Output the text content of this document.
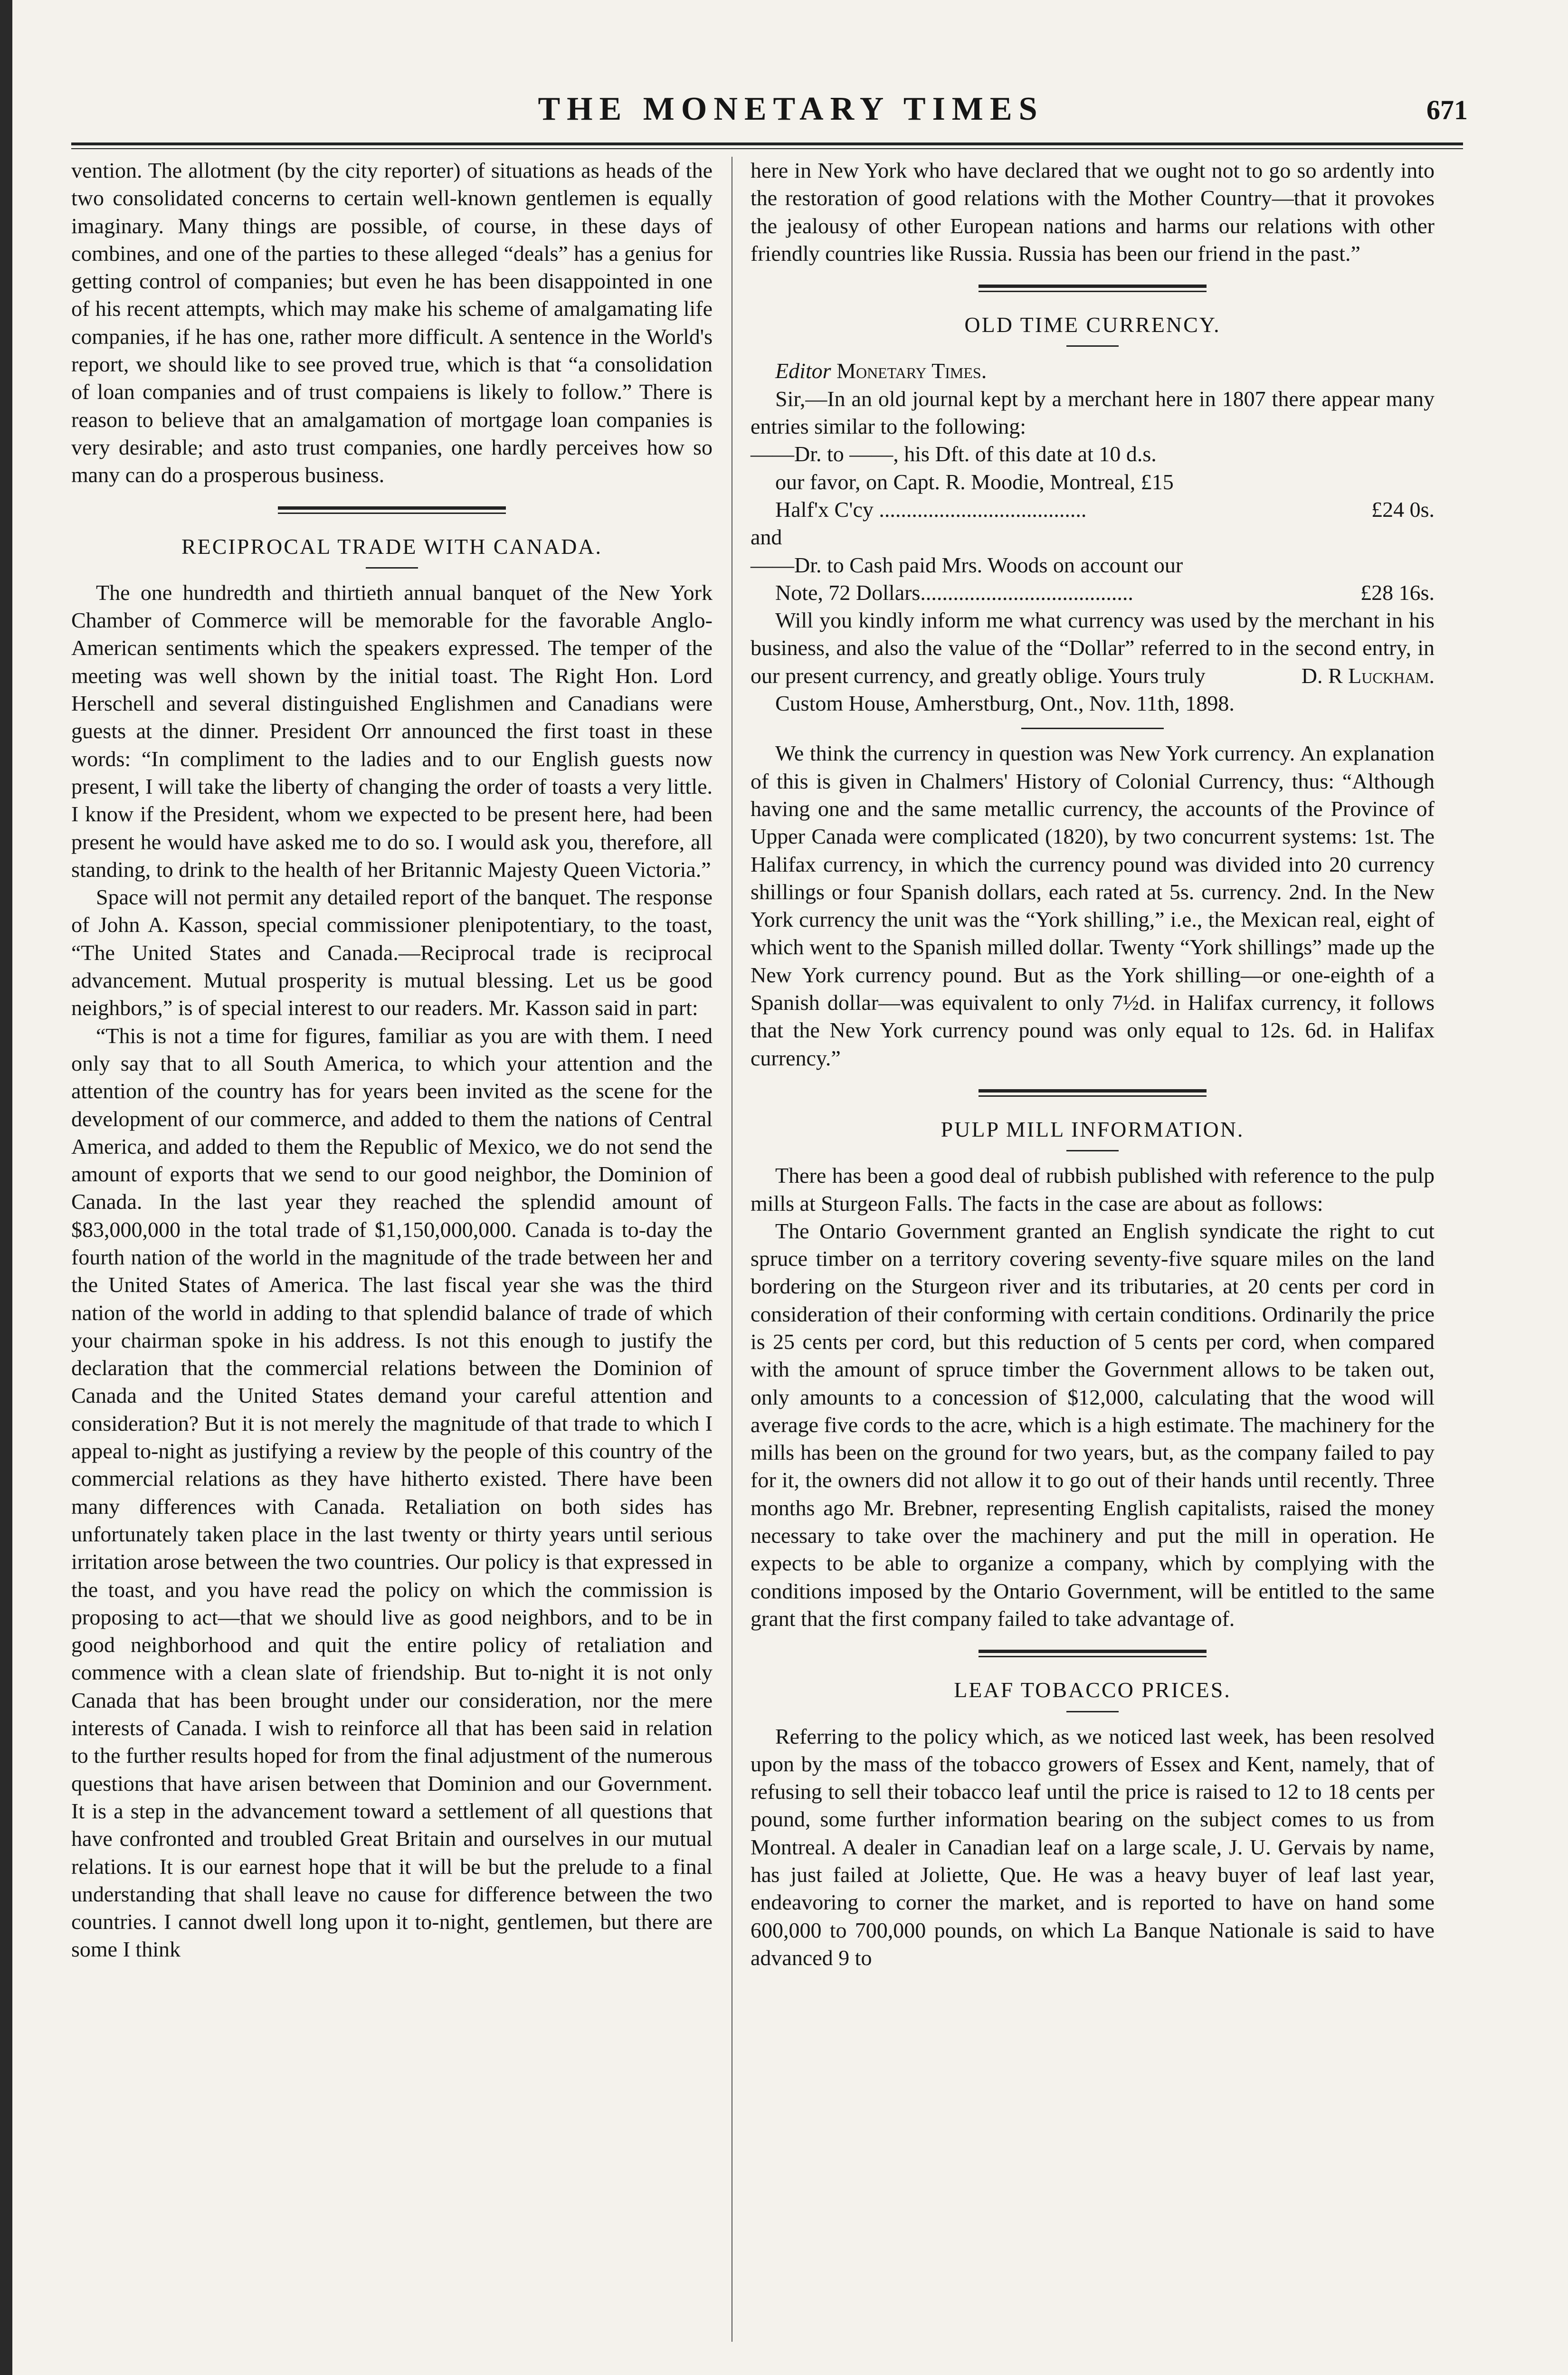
THE MONETARY TIMES	671

vention. The allotment (by the city reporter) of situations as heads of the two consolidated concerns to certain well-known gentlemen is equally imaginary. Many things are possible, of course, in these days of combines, and one of the parties to these alleged “deals” has a genius for getting control of companies; but even he has been disappointed in one of his recent attempts, which may make his scheme of amalgamating life companies, if he has one, rather more difficult. A sentence in the World's report, we should like to see proved true, which is that “a consolidation of loan companies and of trust compaiens is likely to follow.” There is reason to believe that an amalgamation of mortgage loan companies is very desirable; and asto trust companies, one hardly perceives how so many can do a prosperous business.

RECIPROCAL TRADE WITH CANADA.

The one hundredth and thirtieth annual banquet of the New York Chamber of Commerce will be memorable for the favorable Anglo-American sentiments which the speakers expressed. The temper of the meeting was well shown by the initial toast. The Right Hon. Lord Herschell and several distinguished Englishmen and Canadians were guests at the dinner. President Orr announced the first toast in these words: “In compliment to the ladies and to our English guests now present, I will take the liberty of changing the order of toasts a very little. I know if the President, whom we expected to be present here, had been present he would have asked me to do so. I would ask you, therefore, all standing, to drink to the health of her Britannic Majesty Queen Victoria.”

Space will not permit any detailed report of the banquet. The response of John A. Kasson, special commissioner plenipotentiary, to the toast, “The United States and Canada.—Reciprocal trade is reciprocal advancement. Mutual prosperity is mutual blessing. Let us be good neighbors,” is of special interest to our readers. Mr. Kasson said in part:

“This is not a time for figures, familiar as you are with them. I need only say that to all South America, to which your attention and the attention of the country has for years been invited as the scene for the development of our commerce, and added to them the nations of Central America, and added to them the Republic of Mexico, we do not send the amount of exports that we send to our good neighbor, the Dominion of Canada. In the last year they reached the splendid amount of $83,000,000 in the total trade of $1,150,000,000. Canada is to-day the fourth nation of the world in the magnitude of the trade between her and the United States of America. The last fiscal year she was the third nation of the world in adding to that splendid balance of trade of which your chairman spoke in his address. Is not this enough to justify the declaration that the commercial relations between the Dominion of Canada and the United States demand your careful attention and consideration? But it is not merely the magnitude of that trade to which I appeal to-night as justifying a review by the people of this country of the commercial relations as they have hitherto existed. There have been many differences with Canada. Retaliation on both sides has unfortunately taken place in the last twenty or thirty years until serious irritation arose between the two countries. Our policy is that expressed in the toast, and you have read the policy on which the commission is proposing to act—that we should live as good neighbors, and to be in good neighborhood and quit the entire policy of retaliation and commence with a clean slate of friendship. But to-night it is not only Canada that has been brought under our consideration, nor the mere interests of Canada. I wish to reinforce all that has been said in relation to the further results hoped for from the final adjustment of the numerous questions that have arisen between that Dominion and our Government. It is a step in the advancement toward a settlement of all questions that have confronted and troubled Great Britain and ourselves in our mutual relations. It is our earnest hope that it will be but the prelude to a final understanding that shall leave no cause for difference between the two countries. I cannot dwell long upon it to-night, gentlemen, but there are some I think

here in New York who have declared that we ought not to go so ardently into the restoration of good relations with the Mother Country—that it provokes the jealousy of other European nations and harms our relations with other friendly countries like Russia. Russia has been our friend in the past.”

OLD TIME CURRENCY.

Editor Monetary Times.

Sir,—In an old journal kept by a merchant here in 1807 there appear many entries similar to the following:

——Dr. to ——, his Dft. of this date at 10 d.s.

our favor, on Capt. R. Moodie, Montreal, £15

Half'x C'cy ......................................	£24 0s.

and

——Dr. to Cash paid Mrs. Woods on account our

Note, 72 Dollars.......................................	£28 16s.

Will you kindly inform me what currency was used by the merchant in his business, and also the value of the “Dollar” referred to in the second entry, in our present currency, and greatly oblige. Yours truly	D. R Luckham.

Custom House, Amherstburg, Ont., Nov. 11th, 1898.

We think the currency in question was New York currency. An explanation of this is given in Chalmers' History of Colonial Currency, thus: “Although having one and the same metallic currency, the accounts of the Province of Upper Canada were complicated (1820), by two concurrent systems: 1st. The Halifax currency, in which the currency pound was divided into 20 currency shillings or four Spanish dollars, each rated at 5s. currency. 2nd. In the New York currency the unit was the “York shilling,” i.e., the Mexican real, eight of which went to the Spanish milled dollar. Twenty “York shillings” made up the New York currency pound. But as the York shilling—or one-eighth of a Spanish dollar—was equivalent to only 7½d. in Halifax currency, it follows that the New York currency pound was only equal to 12s. 6d. in Halifax currency.”

PULP MILL INFORMATION.

There has been a good deal of rubbish published with reference to the pulp mills at Sturgeon Falls. The facts in the case are about as follows:

The Ontario Government granted an English syndicate the right to cut spruce timber on a territory covering seventy-five square miles on the land bordering on the Sturgeon river and its tributaries, at 20 cents per cord in consideration of their conforming with certain conditions. Ordinarily the price is 25 cents per cord, but this reduction of 5 cents per cord, when compared with the amount of spruce timber the Government allows to be taken out, only amounts to a concession of $12,000, calculating that the wood will average five cords to the acre, which is a high estimate. The machinery for the mills has been on the ground for two years, but, as the company failed to pay for it, the owners did not allow it to go out of their hands until recently. Three months ago Mr. Brebner, representing English capitalists, raised the money necessary to take over the machinery and put the mill in operation. He expects to be able to organize a company, which by complying with the conditions imposed by the Ontario Government, will be entitled to the same grant that the first company failed to take advantage of.

LEAF TOBACCO PRICES.

Referring to the policy which, as we noticed last week, has been resolved upon by the mass of the tobacco growers of Essex and Kent, namely, that of refusing to sell their tobacco leaf until the price is raised to 12 to 18 cents per pound, some further information bearing on the subject comes to us from Montreal. A dealer in Canadian leaf on a large scale, J. U. Gervais by name, has just failed at Joliette, Que. He was a heavy buyer of leaf last year, endeavoring to corner the market, and is reported to have on hand some 600,000 to 700,000 pounds, on which La Banque Nationale is said to have advanced 9 to
